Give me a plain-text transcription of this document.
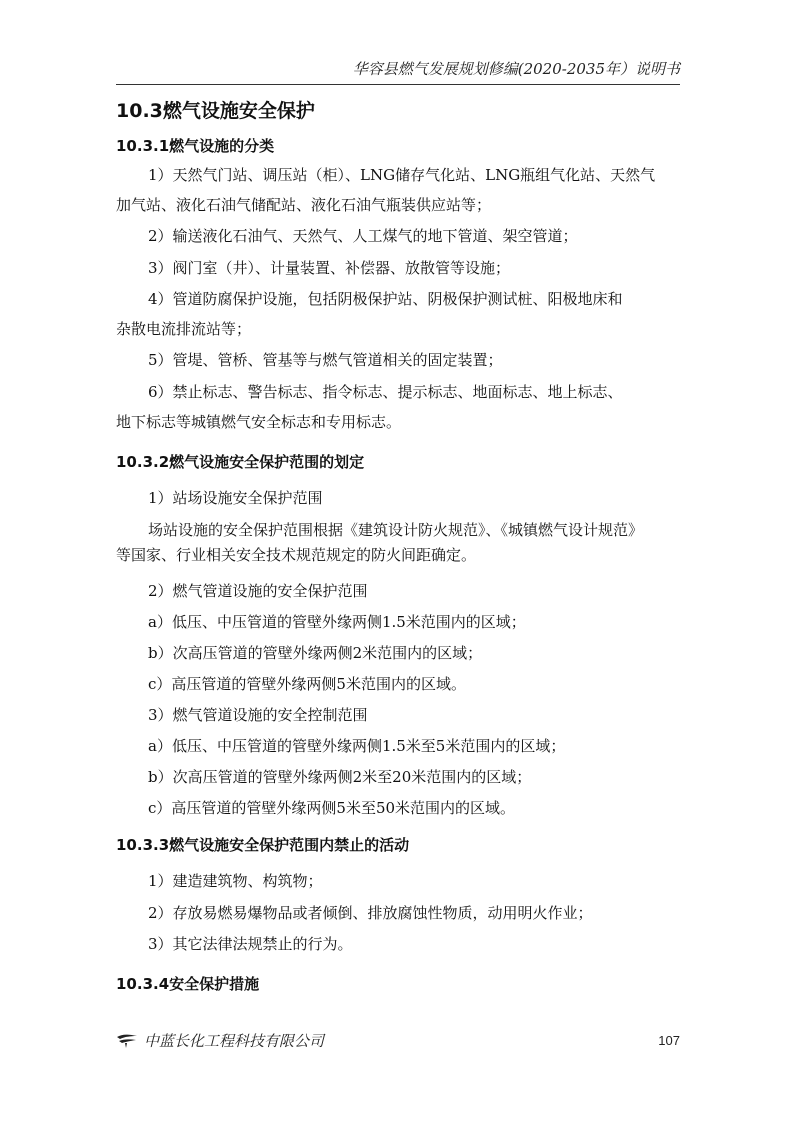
华容县燃气发展规划修编(2020-2035年）说明书
10.3燃气设施安全保护
10.3.1燃气设施的分类
1）天然气门站、调压站（柜）、LNG储存气化站、LNG瓶组气化站、天然气
加气站、液化石油气储配站、液化石油气瓶装供应站等；
2）输送液化石油气、天然气、人工煤气的地下管道、架空管道；
3）阀门室（井）、计量装置、补偿器、放散管等设施；
4）管道防腐保护设施，包括阴极保护站、阴极保护测试桩、阳极地床和
杂散电流排流站等；
5）管堤、管桥、管基等与燃气管道相关的固定装置；
6）禁止标志、警告标志、指令标志、提示标志、地面标志、地上标志、
地下标志等城镇燃气安全标志和专用标志。
10.3.2燃气设施安全保护范围的划定
1）站场设施安全保护范围
场站设施的安全保护范围根据《建筑设计防火规范》、《城镇燃气设计规范》
等国家、行业相关安全技术规范规定的防火间距确定。
2）燃气管道设施的安全保护范围
a）低压、中压管道的管壁外缘两侧1.5米范围内的区域；
b）次高压管道的管壁外缘两侧2米范围内的区域；
c）高压管道的管壁外缘两侧5米范围内的区域。
3）燃气管道设施的安全控制范围
a）低压、中压管道的管壁外缘两侧1.5米至5米范围内的区域；
b）次高压管道的管壁外缘两侧2米至20米范围内的区域；
c）高压管道的管壁外缘两侧5米至50米范围内的区域。
10.3.3燃气设施安全保护范围内禁止的活动
1）建造建筑物、构筑物；
2）存放易燃易爆物品或者倾倒、排放腐蚀性物质，动用明火作业；
3）其它法律法规禁止的行为。
10.3.4安全保护措施
中蓝长化工程科技有限公司	107
